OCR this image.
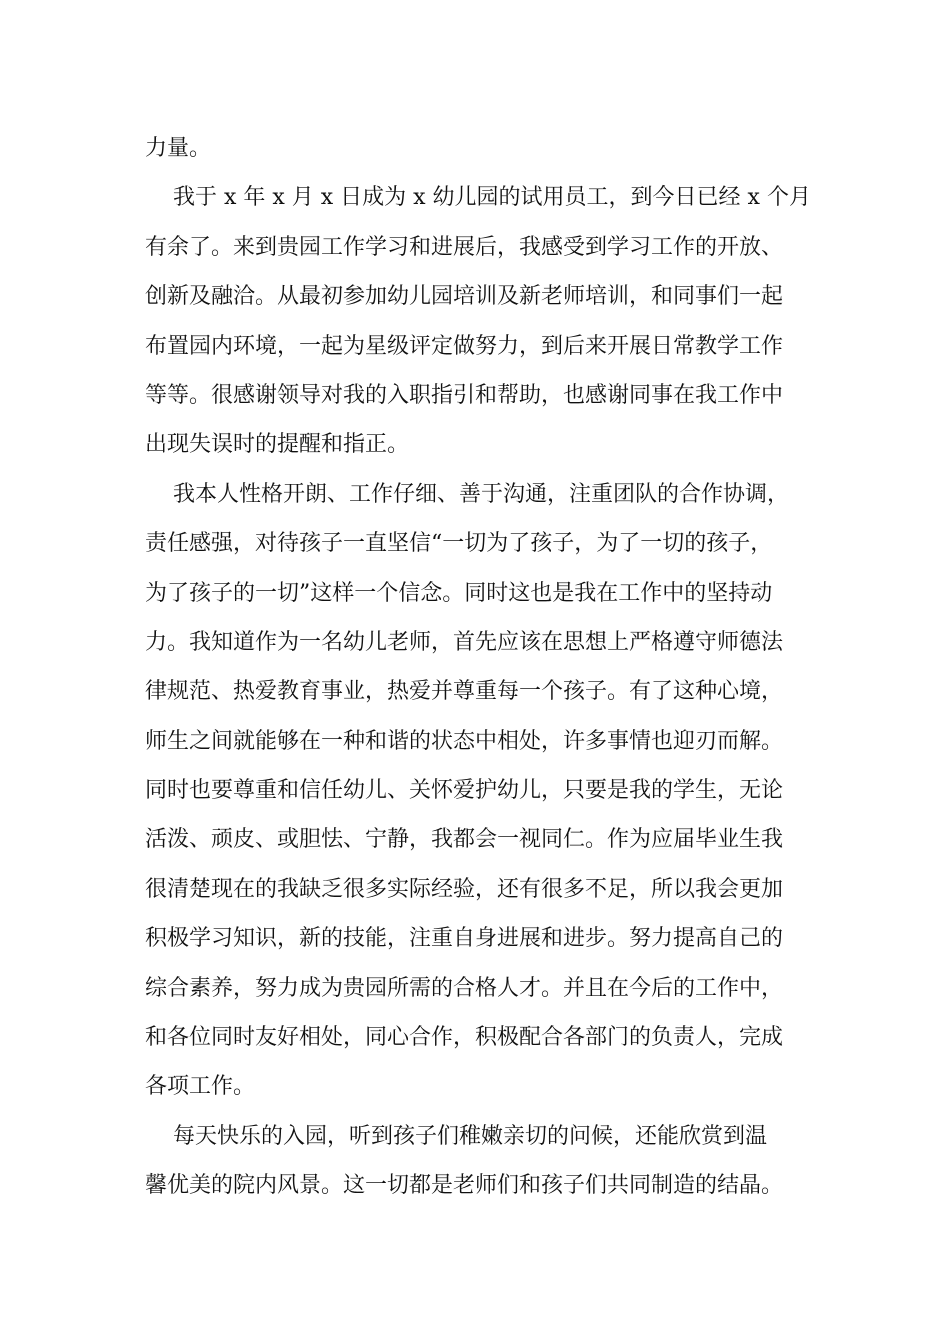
力量。
我于 x 年 x 月 x 日成为 x 幼儿园的试用员工，到今日已经 x 个月
有余了。来到贵园工作学习和进展后，我感受到学习工作的开放、
创新及融洽。从最初参加幼儿园培训及新老师培训，和同事们一起
布置园内环境，一起为星级评定做努力，到后来开展日常教学工作
等等。很感谢领导对我的入职指引和帮助，也感谢同事在我工作中
出现失误时的提醒和指正。
我本人性格开朗、工作仔细、善于沟通，注重团队的合作协调，
责任感强，对待孩子一直坚信“一切为了孩子，为了一切的孩子，
为了孩子的一切”这样一个信念。同时这也是我在工作中的坚持动
力。我知道作为一名幼儿老师，首先应该在思想上严格遵守师德法
律规范、热爱教育事业，热爱并尊重每一个孩子。有了这种心境，
师生之间就能够在一种和谐的状态中相处，许多事情也迎刃而解。
同时也要尊重和信任幼儿、关怀爱护幼儿，只要是我的学生，无论
活泼、顽皮、或胆怯、宁静，我都会一视同仁。作为应届毕业生我
很清楚现在的我缺乏很多实际经验，还有很多不足，所以我会更加
积极学习知识，新的技能，注重自身进展和进步。努力提高自己的
综合素养，努力成为贵园所需的合格人才。并且在今后的工作中，
和各位同时友好相处，同心合作，积极配合各部门的负责人，完成
各项工作。
每天快乐的入园，听到孩子们稚嫩亲切的问候，还能欣赏到温
馨优美的院内风景。这一切都是老师们和孩子们共同制造的结晶。
